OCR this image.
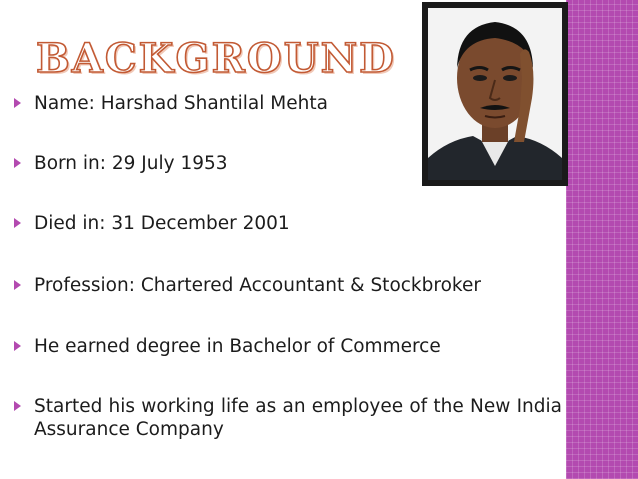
BACKGROUND
Name: Harshad Shantilal Mehta
Born in: 29 July 1953
Died in: 31 December 2001
Profession: Chartered Accountant & Stockbroker
He earned degree in Bachelor of Commerce
Started his working life as an employee of the New India Assurance Company
